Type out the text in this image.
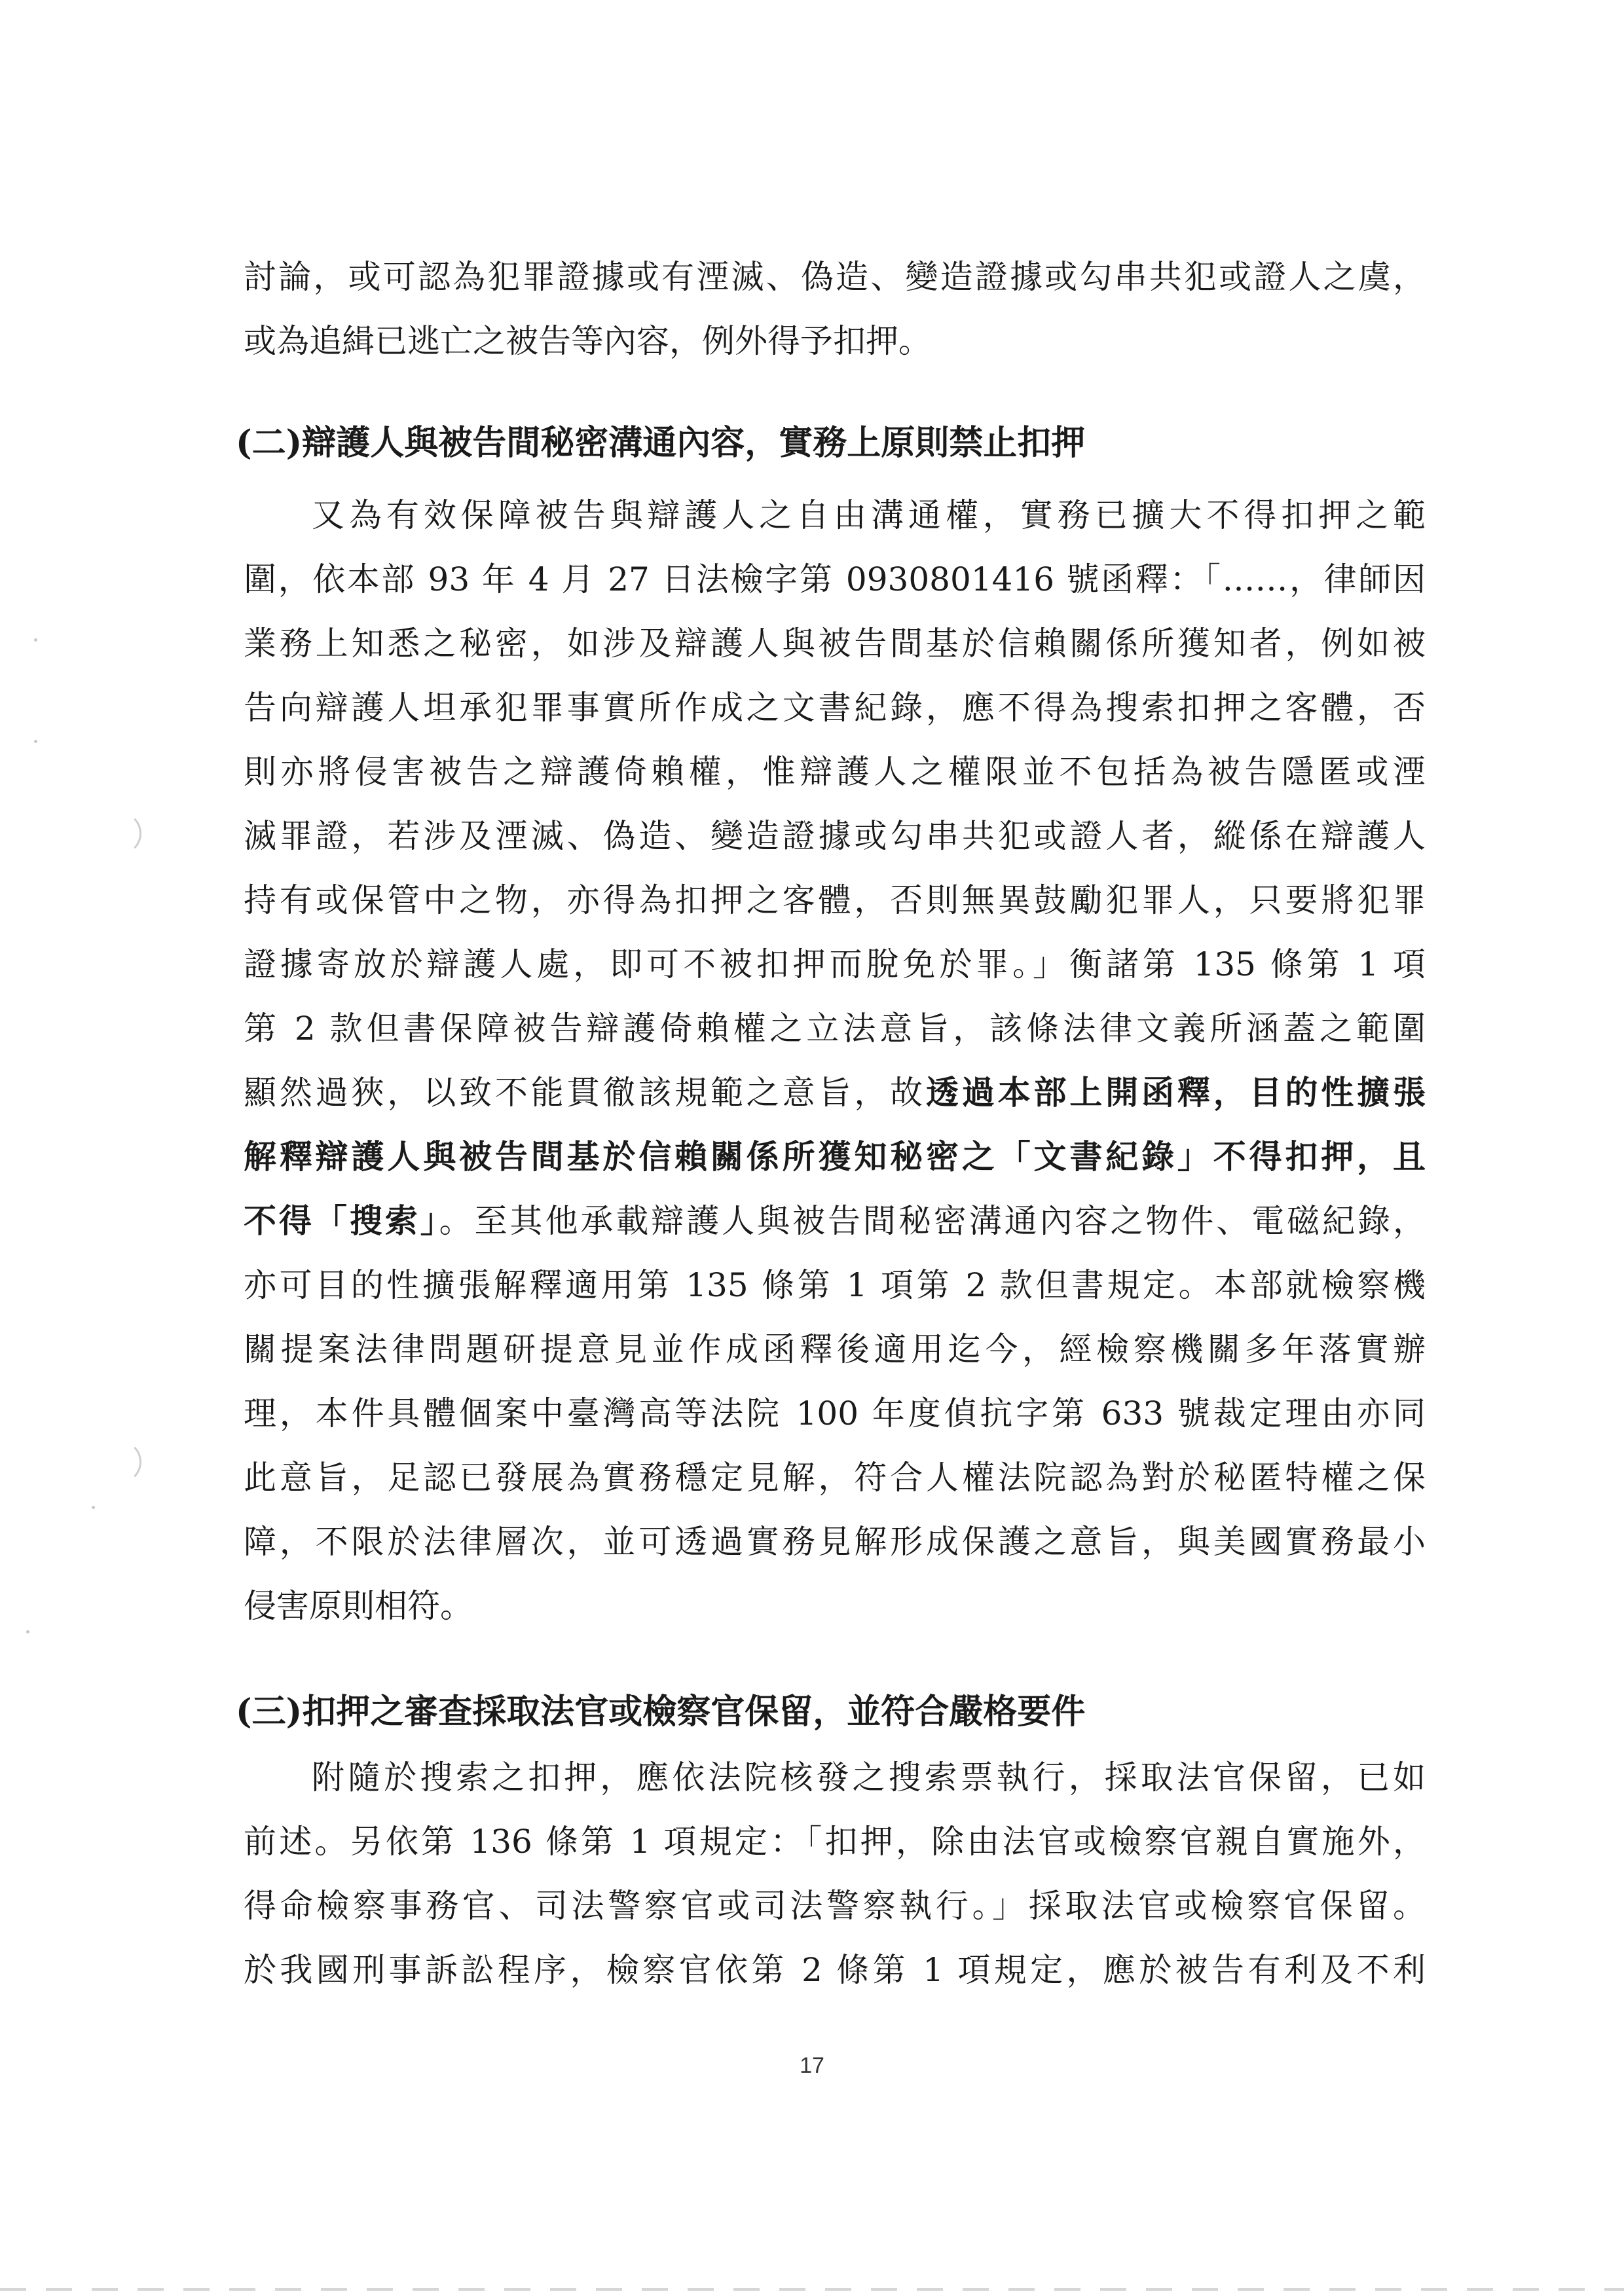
討論，或可認為犯罪證據或有湮滅、偽造、變造證據或勾串共犯或證人之虞，
或為追緝已逃亡之被告等內容，例外得予扣押。
(二)辯護人與被告間秘密溝通內容，實務上原則禁止扣押
又為有效保障被告與辯護人之自由溝通權，實務已擴大不得扣押之範
圍，依本部 93 年 4 月 27 日法檢字第 0930801416 號函釋：「……，律師因
業務上知悉之秘密，如涉及辯護人與被告間基於信賴關係所獲知者，例如被
告向辯護人坦承犯罪事實所作成之文書紀錄，應不得為搜索扣押之客體，否
則亦將侵害被告之辯護倚賴權，惟辯護人之權限並不包括為被告隱匿或湮
滅罪證，若涉及湮滅、偽造、變造證據或勾串共犯或證人者，縱係在辯護人
持有或保管中之物，亦得為扣押之客體，否則無異鼓勵犯罪人，只要將犯罪
證據寄放於辯護人處，即可不被扣押而脫免於罪。」衡諸第 135 條第 1 項
第 2 款但書保障被告辯護倚賴權之立法意旨，該條法律文義所涵蓋之範圍
顯然過狹，以致不能貫徹該規範之意旨，故透過本部上開函釋，目的性擴張
解釋辯護人與被告間基於信賴關係所獲知秘密之「文書紀錄」不得扣押，且
不得「搜索」。至其他承載辯護人與被告間秘密溝通內容之物件、電磁紀錄，
亦可目的性擴張解釋適用第 135 條第 1 項第 2 款但書規定。本部就檢察機
關提案法律問題研提意見並作成函釋後適用迄今，經檢察機關多年落實辦
理，本件具體個案中臺灣高等法院 100 年度偵抗字第 633 號裁定理由亦同
此意旨，足認已發展為實務穩定見解，符合人權法院認為對於秘匿特權之保
障，不限於法律層次，並可透過實務見解形成保護之意旨，與美國實務最小
侵害原則相符。
(三)扣押之審查採取法官或檢察官保留，並符合嚴格要件
附隨於搜索之扣押，應依法院核發之搜索票執行，採取法官保留，已如
前述。另依第 136 條第 1 項規定：「扣押，除由法官或檢察官親自實施外，
得命檢察事務官、司法警察官或司法警察執行。」採取法官或檢察官保留。
於我國刑事訴訟程序，檢察官依第 2 條第 1 項規定，應於被告有利及不利
17
